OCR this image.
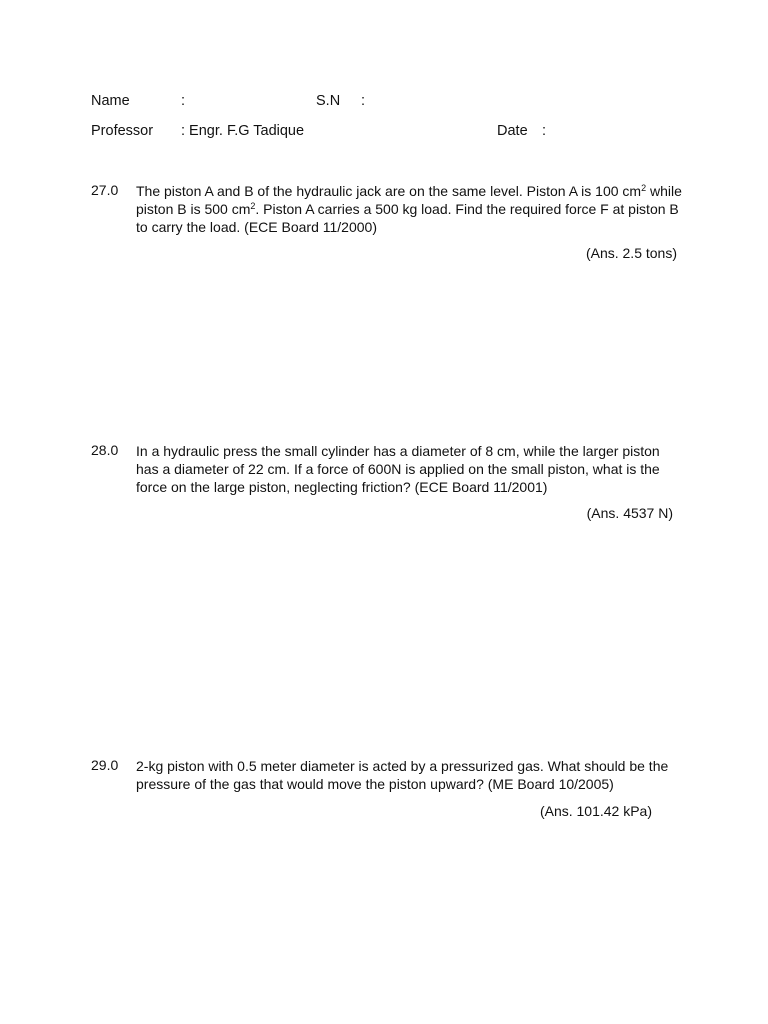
Name	:	S.N :
Professor : Engr. F.G Tadique	Date :
27.0 The piston A and B of the hydraulic jack are on the same level. Piston A is 100 $cm^2$ while
piston B is 500 $cm^2$. Piston A carries a 500 kg load. Find the required force F at piston B
to carry the load. (ECE Board 11/2000)
(Ans. 2.5 tons)
28.0 In a hydraulic press the small cylinder has a diameter of 8 cm, while the larger piston
has a diameter of 22 cm. If a force of 600N is applied on the small piston, what is the
force on the large piston, neglecting friction? (ECE Board 11/2001)
(Ans. 4537 N)
29.0 2-kg piston with 0.5 meter diameter is acted by a pressurized gas. What should be the
pressure of the gas that would move the piston upward? (ME Board 10/2005)
(Ans. 101.42 kPa)
